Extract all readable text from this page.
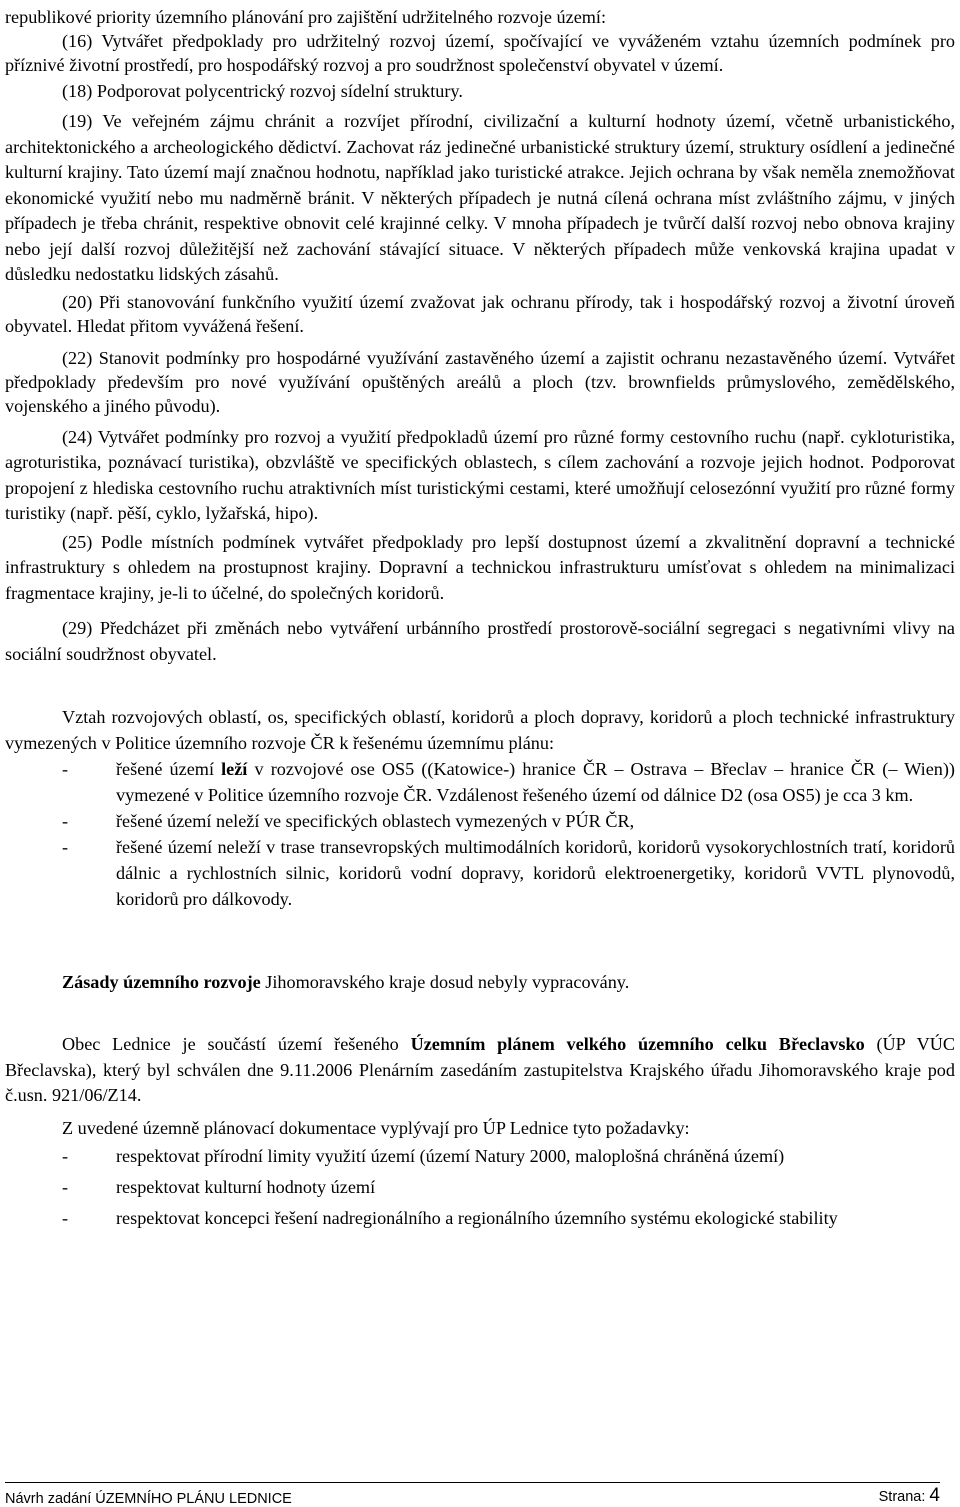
republikové priority územního plánování pro zajištění udržitelného rozvoje území:

(16) Vytvářet předpoklady pro udržitelný rozvoj území, spočívající ve vyváženém vztahu územních podmínek pro příznivé životní prostředí, pro hospodářský rozvoj a pro soudržnost společenství obyvatel v území.

(18) Podporovat polycentrický rozvoj sídelní struktury.

(19) Ve veřejném zájmu chránit a rozvíjet přírodní, civilizační a kulturní hodnoty území, včetně urbanistického, architektonického a archeologického dědictví. Zachovat ráz jedinečné urbanistické struktury území, struktury osídlení a jedinečné kulturní krajiny. Tato území mají značnou hodnotu, například jako turistické atrakce. Jejich ochrana by však neměla znemožňovat ekonomické využití nebo mu nadměrně bránit. V některých případech je nutná cílená ochrana míst zvláštního zájmu, v jiných případech je třeba chránit, respektive obnovit celé krajinné celky. V mnoha případech je tvůrčí další rozvoj nebo obnova krajiny nebo její další rozvoj důležitější než zachování stávající situace. V některých případech může venkovská krajina upadat v důsledku nedostatku lidských zásahů.

(20) Při stanovování funkčního využití území zvažovat jak ochranu přírody, tak i hospodářský rozvoj a životní úroveň obyvatel. Hledat přitom vyvážená řešení.

(22) Stanovit podmínky pro hospodárné využívání zastavěného území a zajistit ochranu nezastavěného území. Vytvářet předpoklady především pro nové využívání opuštěných areálů a ploch (tzv. brownfields průmyslového, zemědělského, vojenského a jiného původu).

(24) Vytvářet podmínky pro rozvoj a využití předpokladů území pro různé formy cestovního ruchu (např. cykloturistika, agroturistika, poznávací turistika), obzvláště ve specifických oblastech, s cílem zachování a rozvoje jejich hodnot. Podporovat propojení z hlediska cestovního ruchu atraktivních míst turistickými cestami, které umožňují celosezónní využití pro různé formy turistiky (např. pěší, cyklo, lyžařská, hipo).

(25) Podle místních podmínek vytvářet předpoklady pro lepší dostupnost území a zkvalitnění dopravní a technické infrastruktury s ohledem na prostupnost krajiny. Dopravní a technickou infrastrukturu umísťovat s ohledem na minimalizaci fragmentace krajiny, je-li to účelné, do společných koridorů.

(29) Předcházet při změnách nebo vytváření urbánního prostředí prostorově-sociální segregaci s negativními vlivy na sociální soudržnost obyvatel.

Vztah rozvojových oblastí, os, specifických oblastí, koridorů a ploch dopravy, koridorů a ploch technické infrastruktury vymezených v Politice územního rozvoje ČR k řešenému územnímu plánu:

-	řešené území leží v rozvojové ose OS5 ((Katowice-) hranice ČR – Ostrava – Břeclav – hranice ČR (– Wien)) vymezené v Politice územního rozvoje ČR. Vzdálenost řešeného území od dálnice D2 (osa OS5) je cca 3 km.
-	řešené území neleží ve specifických oblastech vymezených v PÚR ČR,
-	řešené území neleží v trase transevropských multimodálních koridorů, koridorů vysokorychlostních tratí, koridorů dálnic a rychlostních silnic, koridorů vodní dopravy, koridorů elektroenergetiky, koridorů VVTL plynovodů, koridorů pro dálkovody.

Zásady územního rozvoje Jihomoravského kraje dosud nebyly vypracovány.

Obec Lednice je součástí území řešeného Územním plánem velkého územního celku Břeclavsko (ÚP VÚC Břeclavska), který byl schválen dne 9.11.2006 Plenárním zasedáním zastupitelstva Krajského úřadu Jihomoravského kraje pod č.usn. 921/06/Z14.

Z uvedené územně plánovací dokumentace vyplývají pro ÚP Lednice tyto požadavky:

-	respektovat přírodní limity využití území (území Natury 2000, maloplošná chráněná území)
-	respektovat kulturní hodnoty území
-	respektovat koncepci řešení nadregionálního a regionálního územního systému ekologické stability
Návrh zadání ÚZEMNÍHO PLÁNU LEDNICE	Strana: 4
